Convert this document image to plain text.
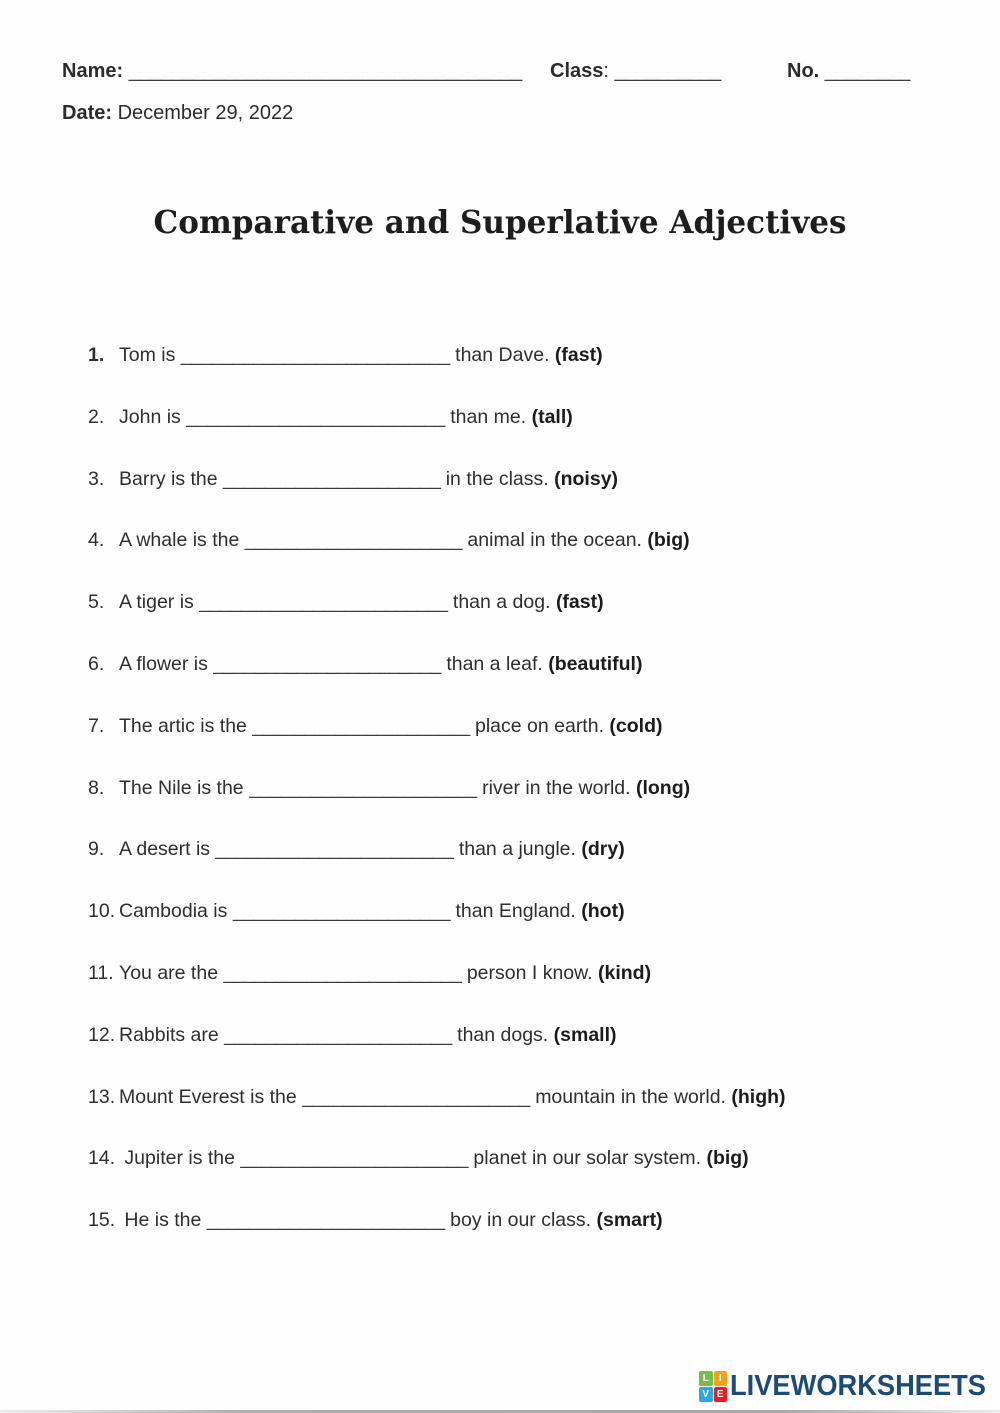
Name: _____________________________________ Class: __________	No. ________
Date: December 29, 2022
Comparative and Superlative Adjectives
1. Tom is __________________________ than Dave. (fast)
2. John is _________________________ than me. (tall)
3. Barry is the _____________________ in the class. (noisy)
4. A whale is the _____________________ animal in the ocean. (big)
5. A tiger is ________________________ than a dog. (fast)
6. A flower is ______________________ than a leaf. (beautiful)
7. The artic is the _____________________ place on earth. (cold)
8. The Nile is the ______________________ river in the world. (long)
9. A desert is _______________________ than a jungle. (dry)
10. Cambodia is _____________________ than England. (hot)
11. You are the _______________________ person I know. (kind)
12. Rabbits are ______________________ than dogs. (small)
13. Mount Everest is the ______________________ mountain in the world. (high)
14. Jupiter is the ______________________ planet in our solar system. (big)
15. He is the _______________________ boy in our class. (smart)
L	I
V E LIVEWORKSHEETS
